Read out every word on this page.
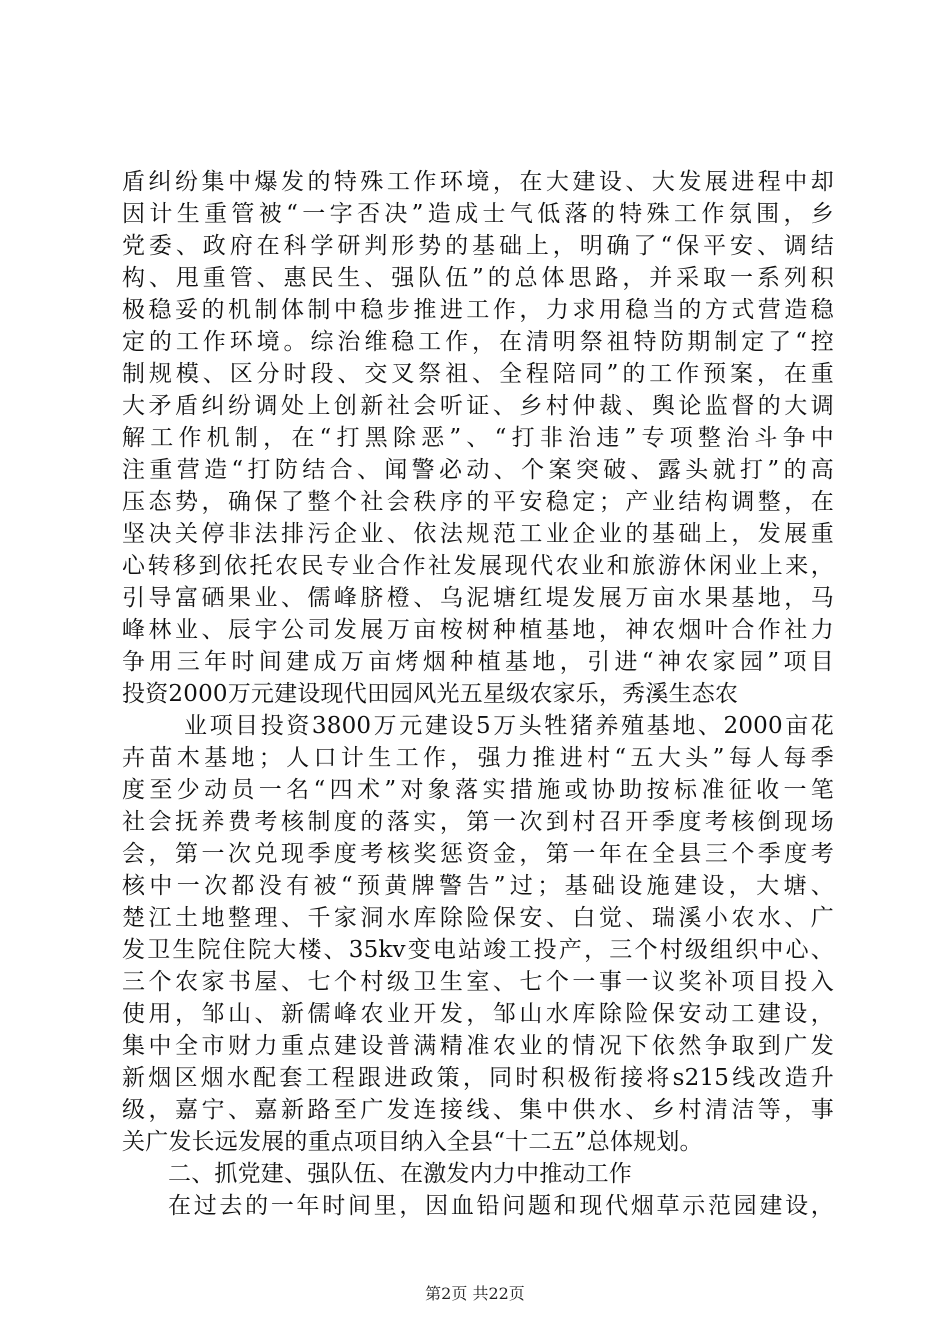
盾纠纷集中爆发的特殊工作环境，在大建设、大发展进程中却
因计生重管被“一字否决”造成士气低落的特殊工作氛围，乡
党委、政府在科学研判形势的基础上，明确了“保平安、调结
构、甩重管、惠民生、强队伍”的总体思路，并采取一系列积
极稳妥的机制体制中稳步推进工作，力求用稳当的方式营造稳
定的工作环境。综治维稳工作，在清明祭祖特防期制定了“控
制规模、区分时段、交叉祭祖、全程陪同”的工作预案，在重
大矛盾纠纷调处上创新社会听证、乡村仲裁、舆论监督的大调
解工作机制，在“打黑除恶”、“打非治违”专项整治斗争中
注重营造“打防结合、闻警必动、个案突破、露头就打”的高
压态势，确保了整个社会秩序的平安稳定；产业结构调整，在
坚决关停非法排污企业、依法规范工业企业的基础上，发展重
心转移到依托农民专业合作社发展现代农业和旅游休闲业上来，
引导富硒果业、儒峰脐橙、乌泥塘红堤发展万亩水果基地，马
峰林业、辰宇公司发展万亩桉树种植基地，神农烟叶合作社力
争用三年时间建成万亩烤烟种植基地，引进“神农家园”项目
投资2000万元建设现代田园风光五星级农家乐，秀溪生态农
业项目投资3800万元建设5万头牲猪养殖基地、2000亩花
卉苗木基地；人口计生工作，强力推进村“五大头”每人每季
度至少动员一名“四术”对象落实措施或协助按标准征收一笔
社会抚养费考核制度的落实，第一次到村召开季度考核倒现场
会，第一次兑现季度考核奖惩资金，第一年在全县三个季度考
核中一次都没有被“预黄牌警告”过；基础设施建设，大塘、
楚江土地整理、千家洞水库除险保安、白觉、瑞溪小农水、广
发卫生院住院大楼、35kv变电站竣工投产，三个村级组织中心、
三个农家书屋、七个村级卫生室、七个一事一议奖补项目投入
使用，邹山、新儒峰农业开发，邹山水库除险保安动工建设，
集中全市财力重点建设普满精准农业的情况下依然争取到广发
新烟区烟水配套工程跟进政策，同时积极衔接将s215线改造升
级，嘉宁、嘉新路至广发连接线、集中供水、乡村清洁等，事
关广发长远发展的重点项目纳入全县“十二五”总体规划。
二、抓党建、强队伍、在激发内力中推动工作
在过去的一年时间里，因血铅问题和现代烟草示范园建设，
第2页 共22页
